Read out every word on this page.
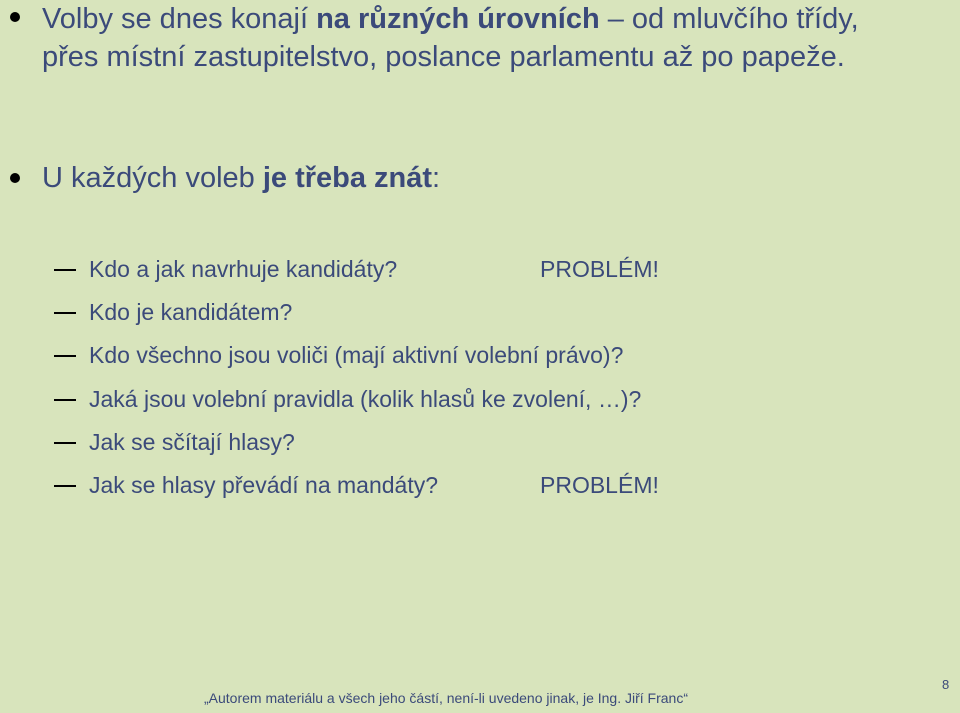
Volby se dnes konají na různých úrovních – od mluvčího třídy,
přes místní zastupitelstvo, poslance parlamentu až po papeže.
U každých voleb je třeba znát:
Kdo a jak navrhuje kandidáty?	PROBLÉM!
Kdo je kandidátem?
Kdo všechno jsou voliči (mají aktivní volební právo)?
Jaká jsou volební pravidla (kolik hlasů ke zvolení, …)?
Jak se sčítají hlasy?
Jak se hlasy převádí na mandáty?	PROBLÉM!
„Autorem materiálu a všech jeho částí, není-li uvedeno jinak, je Ing. Jiří Franc“
8
